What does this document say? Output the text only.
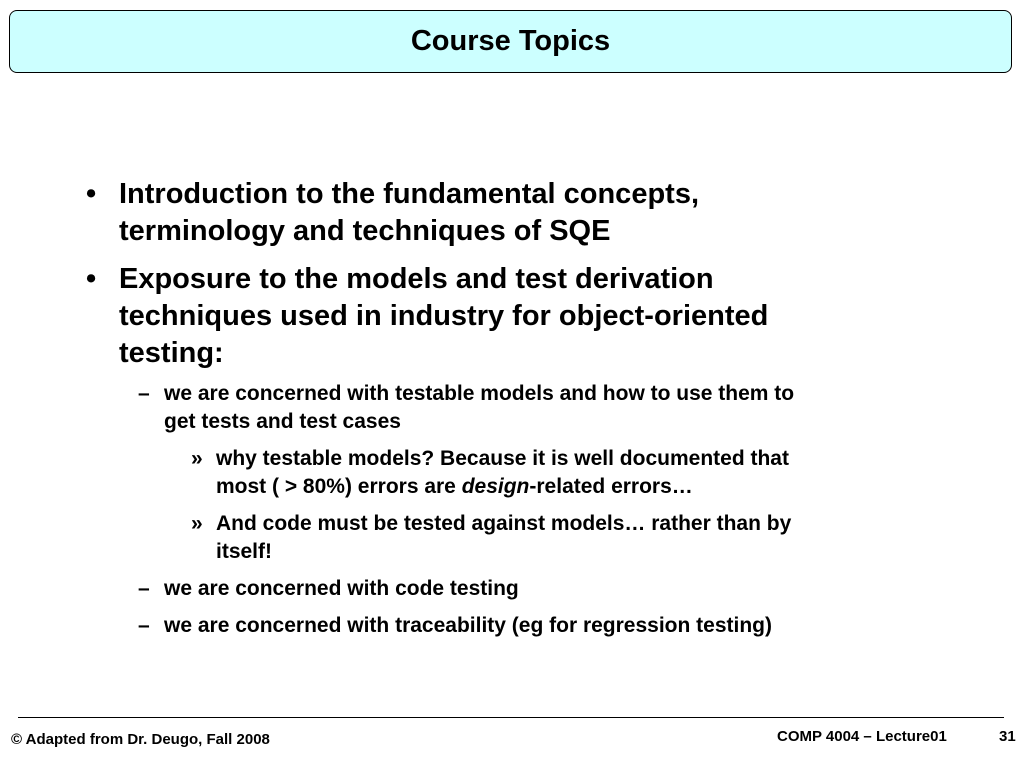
Course Topics
• Introduction to the fundamental concepts,
terminology and techniques of SQE
• Exposure to the models and test derivation
techniques used in industry for object-oriented
testing:
– we are concerned with testable models and how to use them to
get tests and test cases
» why testable models? Because it is well documented that
most ( > 80%) errors are design-related errors…
» And code must be tested against models… rather than by
itself!
– we are concerned with code testing
– we are concerned with traceability (eg for regression testing)
© Adapted from Dr. Deugo, Fall 2008	COMP 4004 – Lecture01	31
